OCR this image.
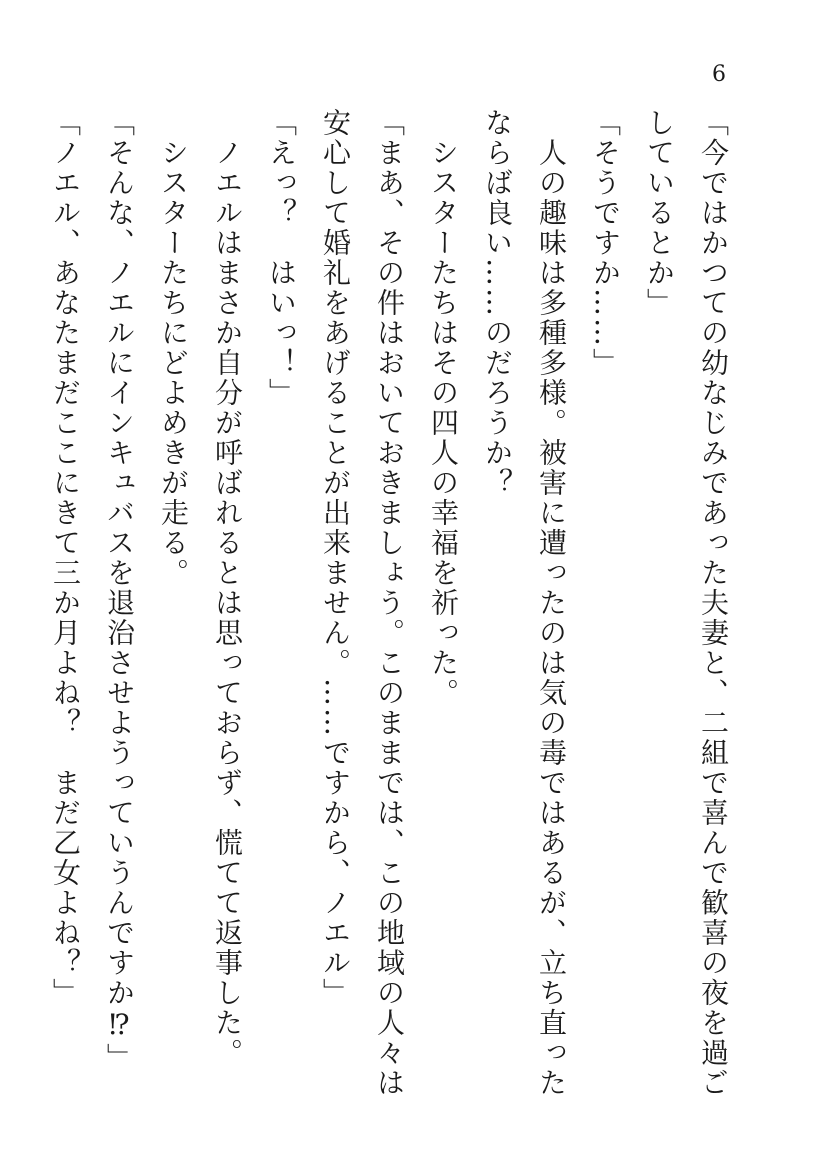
6

「今ではかつての幼なじみであった夫妻と、二組で喜んで歓喜の夜を過ごしているとか」

「そうですか……」

　人の趣味は多種多様。被害に遭ったのは気の毒ではあるが、立ち直ったならば良い……のだろうか？

　シスターたちはその四人の幸福を祈った。

「まあ、その件はおいておきましょう。このままでは、この地域の人々は安心して婚礼をあげることが出来ません。……ですから、ノエル」

「えっ？　はいっ！」

　ノエルはまさか自分が呼ばれるとは思っておらず、慌てて返事した。

　シスターたちにどよめきが走る。

「そんな、ノエルにインキュバスを退治させようっていうんですか⁉」

「ノエル、あなたまだここにきて三か月よね？　まだ乙女よね？」
